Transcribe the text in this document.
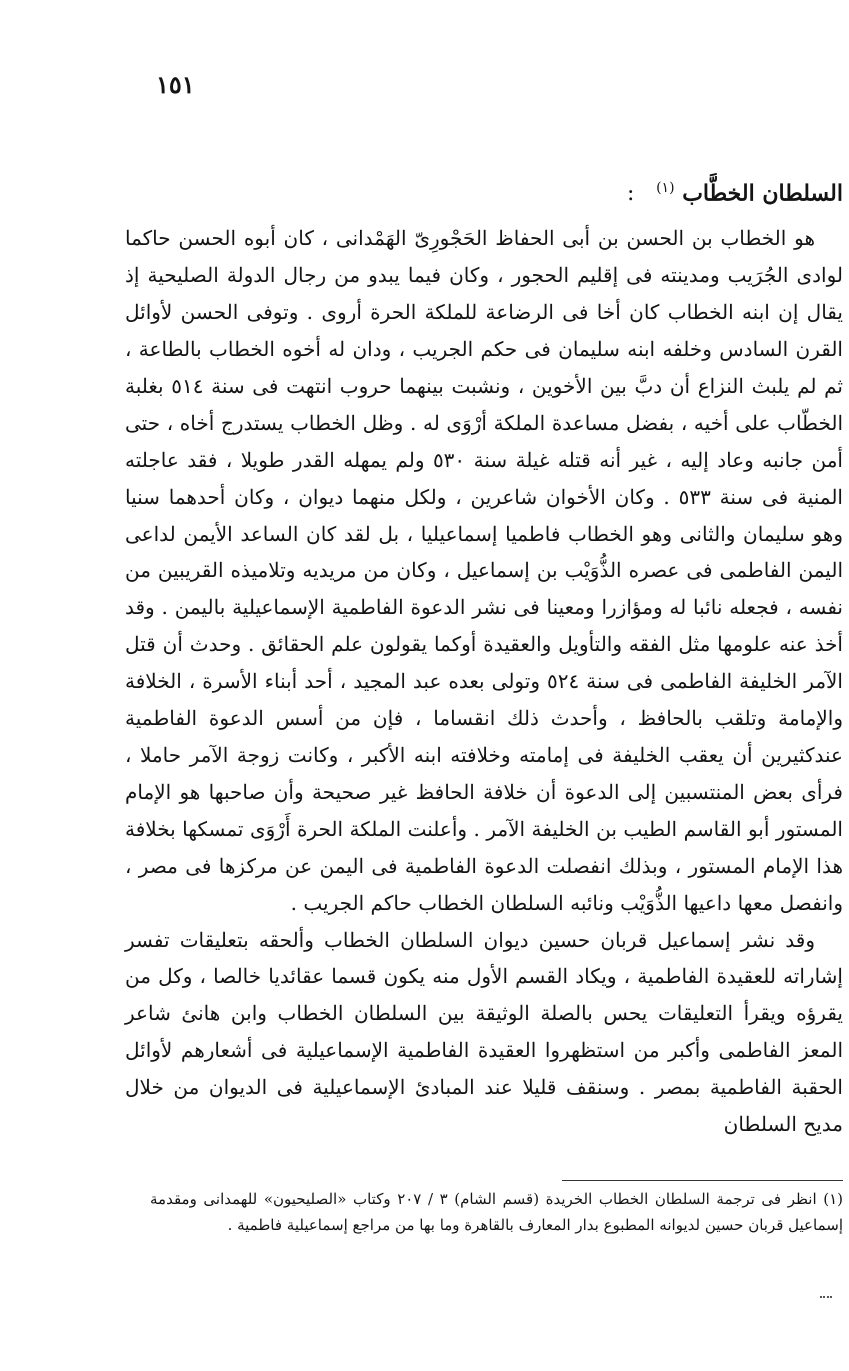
١٥١
السلطان الخطَّاب $^{(١)}$ :

هو الخطاب بن الحسن بن أبى الحفاظ الحَجْورِىّ الهَمْدانى ، كان أبوه الحسن حاكما لوادى الجُرَيب ومدينته فى إقليم الحجور ، وكان فيما يبدو من رجال الدولة الصليحية إذ يقال إن ابنه الخطاب كان أخا فى الرضاعة للملكة الحرة أروى . وتوفى الحسن لأوائل القرن السادس وخلفه ابنه سليمان فى حكم الجريب ، ودان له أخوه الخطاب بالطاعة ، ثم لم يلبث النزاع أن دبَّ بين الأخوين ، ونشبت بينهما حروب انتهت فى سنة ٥١٤ بغلبة الخطّاب على أخيه ، بفضل مساعدة الملكة أرْوَى له . وظل الخطاب يستدرج أخاه ، حتى أمن جانبه وعاد إليه ، غير أنه قتله غيلة سنة ٥٣٠ ولم يمهله القدر طويلا ، فقد عاجلته المنية فى سنة ٥٣٣ . وكان الأخوان شاعرين ، ولكل منهما ديوان ، وكان أحدهما سنيا وهو سليمان والثانى وهو الخطاب فاطميا إسماعيليا ، بل لقد كان الساعد الأيمن لداعى اليمن الفاطمى فى عصره الذُّوَيْب بن إسماعيل ، وكان من مريديه وتلاميذه القريبين من نفسه ، فجعله نائبا له ومؤازرا ومعينا فى نشر الدعوة الفاطمية الإسماعيلية باليمن . وقد أخذ عنه علومها مثل الفقه والتأويل والعقيدة أوكما يقولون علم الحقائق . وحدث أن قتل الآمر الخليفة الفاطمى فى سنة ٥٢٤ وتولى بعده عبد المجيد ، أحد أبناء الأسرة ، الخلافة والإمامة وتلقب بالحافظ ، وأحدث ذلك انقساما ، فإن من أسس الدعوة الفاطمية عندكثيرين أن يعقب الخليفة فى إمامته وخلافته ابنه الأكبر ، وكانت زوجة الآمر حاملا ، فرأى بعض المنتسبين إلى الدعوة أن خلافة الحافظ غير صحيحة وأن صاحبها هو الإمام المستور أبو القاسم الطيب بن الخليفة الآمر . وأعلنت الملكة الحرة أَرْوَى تمسكها بخلافة هذا الإمام المستور ، وبذلك انفصلت الدعوة الفاطمية فى اليمن عن مركزها فى مصر ، وانفصل معها داعيها الذُّوَيْب ونائبه السلطان الخطاب حاكم الجريب .

وقد نشر إسماعيل قربان حسين ديوان السلطان الخطاب وألحقه بتعليقات تفسر إشاراته للعقيدة الفاطمية ، ويكاد القسم الأول منه يكون قسما عقائديا خالصا ، وكل من يقرؤه ويقرأ التعليقات يحس بالصلة الوثيقة بين السلطان الخطاب وابن هانئ شاعر المعز الفاطمى وأكبر من استظهروا العقيدة الفاطمية الإسماعيلية فى أشعارهم لأوائل الحقبة الفاطمية بمصر . وسنقف قليلا عند المبادئ الإسماعيلية فى الديوان من خلال مديح السلطان

(١) انظر فى ترجمة السلطان الخطاب الخريدة (قسم الشام) ٣ / ٢٠٧ وكتاب «الصليحيون» للهمدانى ومقدمة إسماعيل قربان حسين لديوانه المطبوع بدار المعارف بالقاهرة وما بها من مراجع إسماعيلية فاطمية .
